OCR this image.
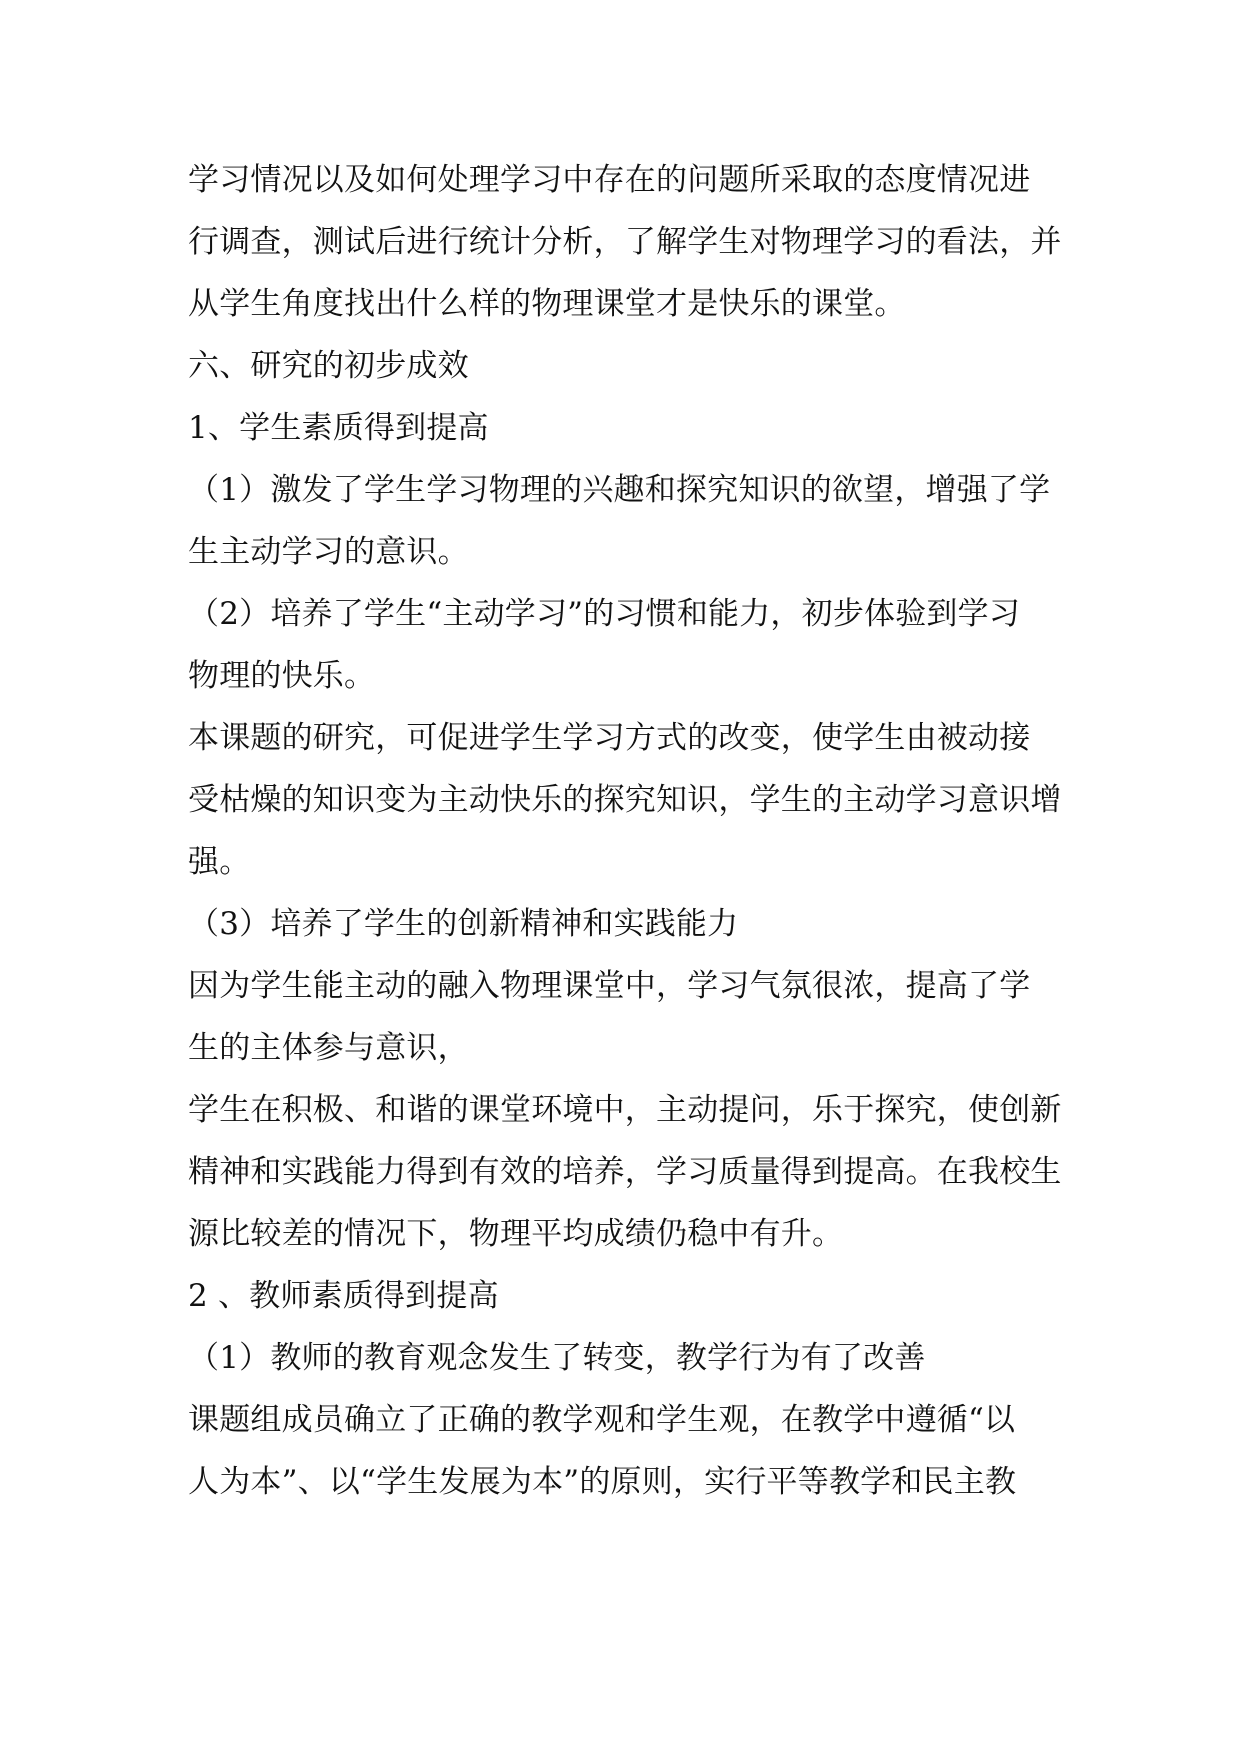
学习情况以及如何处理学习中存在的问题所采取的态度情况进
行调查，测试后进行统计分析，了解学生对物理学习的看法，并
从学生角度找出什么样的物理课堂才是快乐的课堂。
六、研究的初步成效
1、学生素质得到提高
（1）激发了学生学习物理的兴趣和探究知识的欲望，增强了学
生主动学习的意识。
（2）培养了学生“主动学习”的习惯和能力，初步体验到学习
物理的快乐。
本课题的研究，可促进学生学习方式的改变，使学生由被动接
受枯燥的知识变为主动快乐的探究知识，学生的主动学习意识增
强。
（3）培养了学生的创新精神和实践能力
因为学生能主动的融入物理课堂中，学习气氛很浓，提高了学
生的主体参与意识，
学生在积极、和谐的课堂环境中，主动提问，乐于探究，使创新
精神和实践能力得到有效的培养，学习质量得到提高。在我校生
源比较差的情况下，物理平均成绩仍稳中有升。
2 、教师素质得到提高
（1）教师的教育观念发生了转变，教学行为有了改善
课题组成员确立了正确的教学观和学生观，在教学中遵循“以
人为本”、以“学生发展为本”的原则，实行平等教学和民主教
